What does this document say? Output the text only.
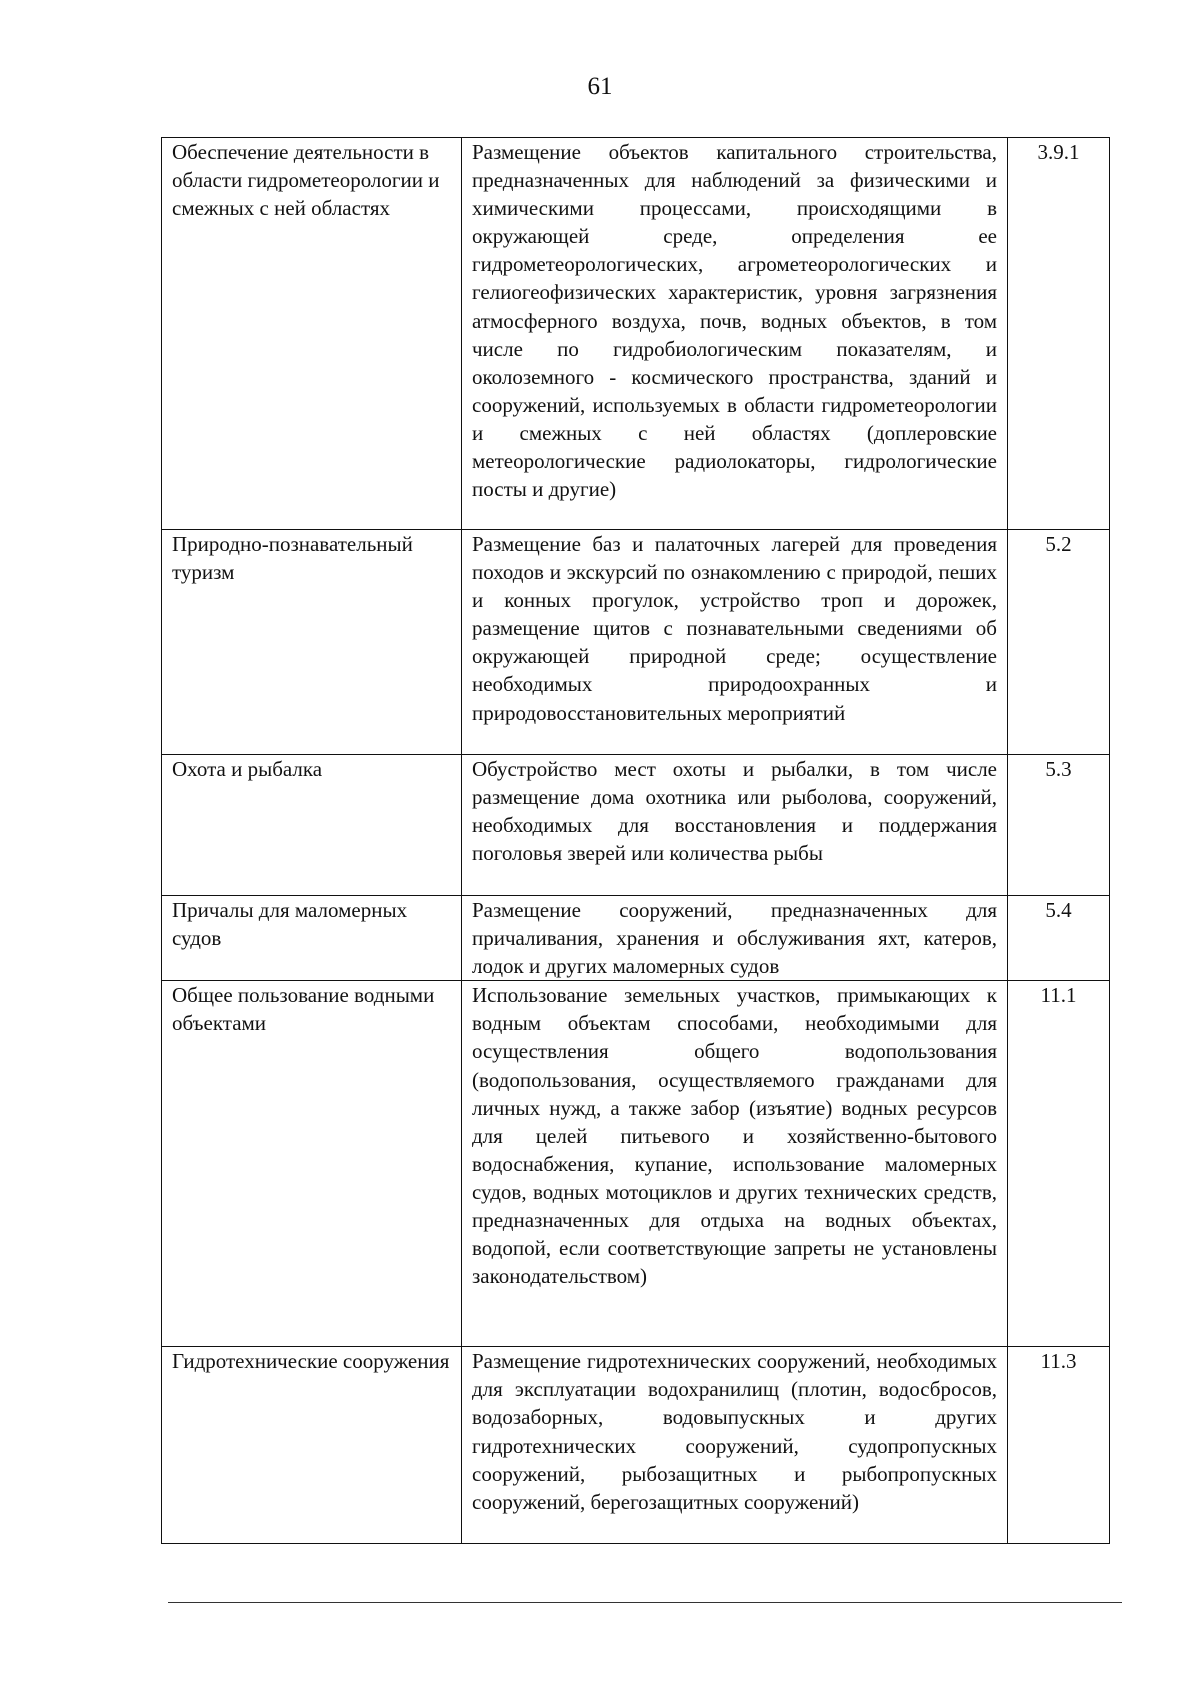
61
Обеспечение деятельности в области гидрометеорологии и смежных с ней областях	Размещение объектов капитального строительства, предназначенных для наблюдений за физическими и химическими процессами, происходящими в окружающей среде, определения ее гидрометеорологических, агрометеорологических и гелиогеофизических характеристик, уровня загрязнения атмосферного воздуха, почв, водных объектов, в том числе по гидробиологическим показателям, и околоземного - космического пространства, зданий и сооружений, используемых в области гидрометеорологии и смежных с ней областях (доплеровские метеорологические радиолокаторы, гидрологические посты и другие)	3.9.1
Природно-познавательный туризм	Размещение баз и палаточных лагерей для проведения походов и экскурсий по ознакомлению с природой, пеших и конных прогулок, устройство троп и дорожек, размещение щитов с познавательными сведениями об окружающей природной среде; осуществление необходимых природоохранных и природовосстановительных мероприятий	5.2
Охота и рыбалка	Обустройство мест охоты и рыбалки, в том числе размещение дома охотника или рыболова, сооружений, необходимых для восстановления и поддержания поголовья зверей или количества рыбы	5.3
Причалы для маломерных судов	Размещение сооружений, предназначенных для причаливания, хранения и обслуживания яхт, катеров, лодок и других маломерных судов	5.4
Общее пользование водными объектами	Использование земельных участков, примыкающих к водным объектам способами, необходимыми для осуществления общего водопользования (водопользования, осуществляемого гражданами для личных нужд, а также забор (изъятие) водных ресурсов для целей питьевого и хозяйственно-бытового водоснабжения, купание, использование маломерных судов, водных мотоциклов и других технических средств, предназначенных для отдыха на водных объектах, водопой, если соответствующие запреты не установлены законодательством)	11.1
Гидротехнические сооружения	Размещение гидротехнических сооружений, необходимых для эксплуатации водохранилищ (плотин, водосбросов, водозаборных, водовыпускных и других гидротехнических сооружений, судопропускных сооружений, рыбозащитных и рыбопропускных сооружений, берегозащитных сооружений)	11.3
